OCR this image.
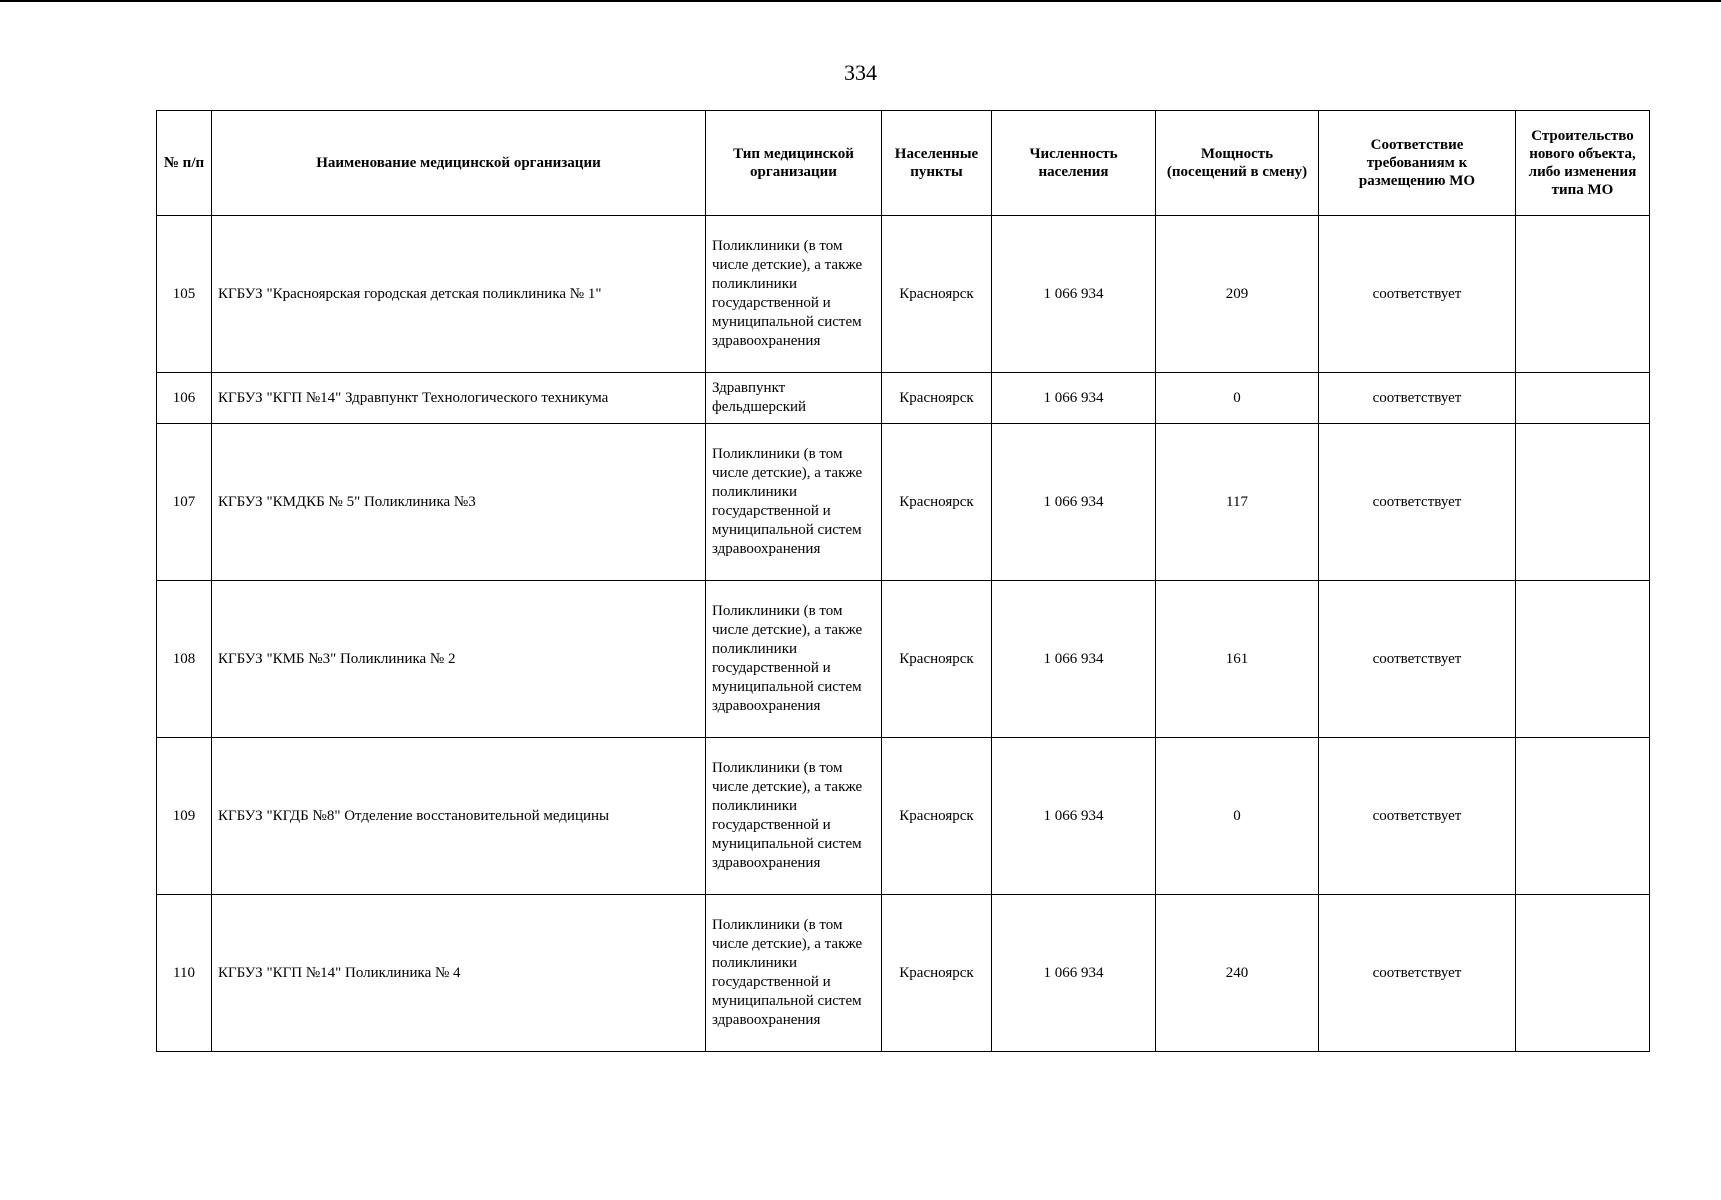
334
№ п/п	Наименование медицинской организации	Тип медицинской организации	Населенные пункты	Численность населения	Мощность (посещений в смену)	Соответствие требованиям к размещению МО	Строительство нового объекта, либо изменения типа МО
105	КГБУЗ "Красноярская городская детская поликлиника № 1"	Поликлиники (в том числе детские), а также поликлиники государственной и муниципальной систем здравоохранения	Красноярск	1 066 934	209	соответствует	
106	КГБУЗ "КГП №14" Здравпункт Технологического техникума	Здравпункт фельдшерский	Красноярск	1 066 934	0	соответствует	
107	КГБУЗ "КМДКБ № 5" Поликлиника №3	Поликлиники (в том числе детские), а также поликлиники государственной и муниципальной систем здравоохранения	Красноярск	1 066 934	117	соответствует	
108	КГБУЗ "КМБ №3" Поликлиника № 2	Поликлиники (в том числе детские), а также поликлиники государственной и муниципальной систем здравоохранения	Красноярск	1 066 934	161	соответствует	
109	КГБУЗ "КГДБ №8" Отделение восстановительной медицины	Поликлиники (в том числе детские), а также поликлиники государственной и муниципальной систем здравоохранения	Красноярск	1 066 934	0	соответствует	
110	КГБУЗ "КГП №14" Поликлиника № 4	Поликлиники (в том числе детские), а также поликлиники государственной и муниципальной систем здравоохранения	Красноярск	1 066 934	240	соответствует	
